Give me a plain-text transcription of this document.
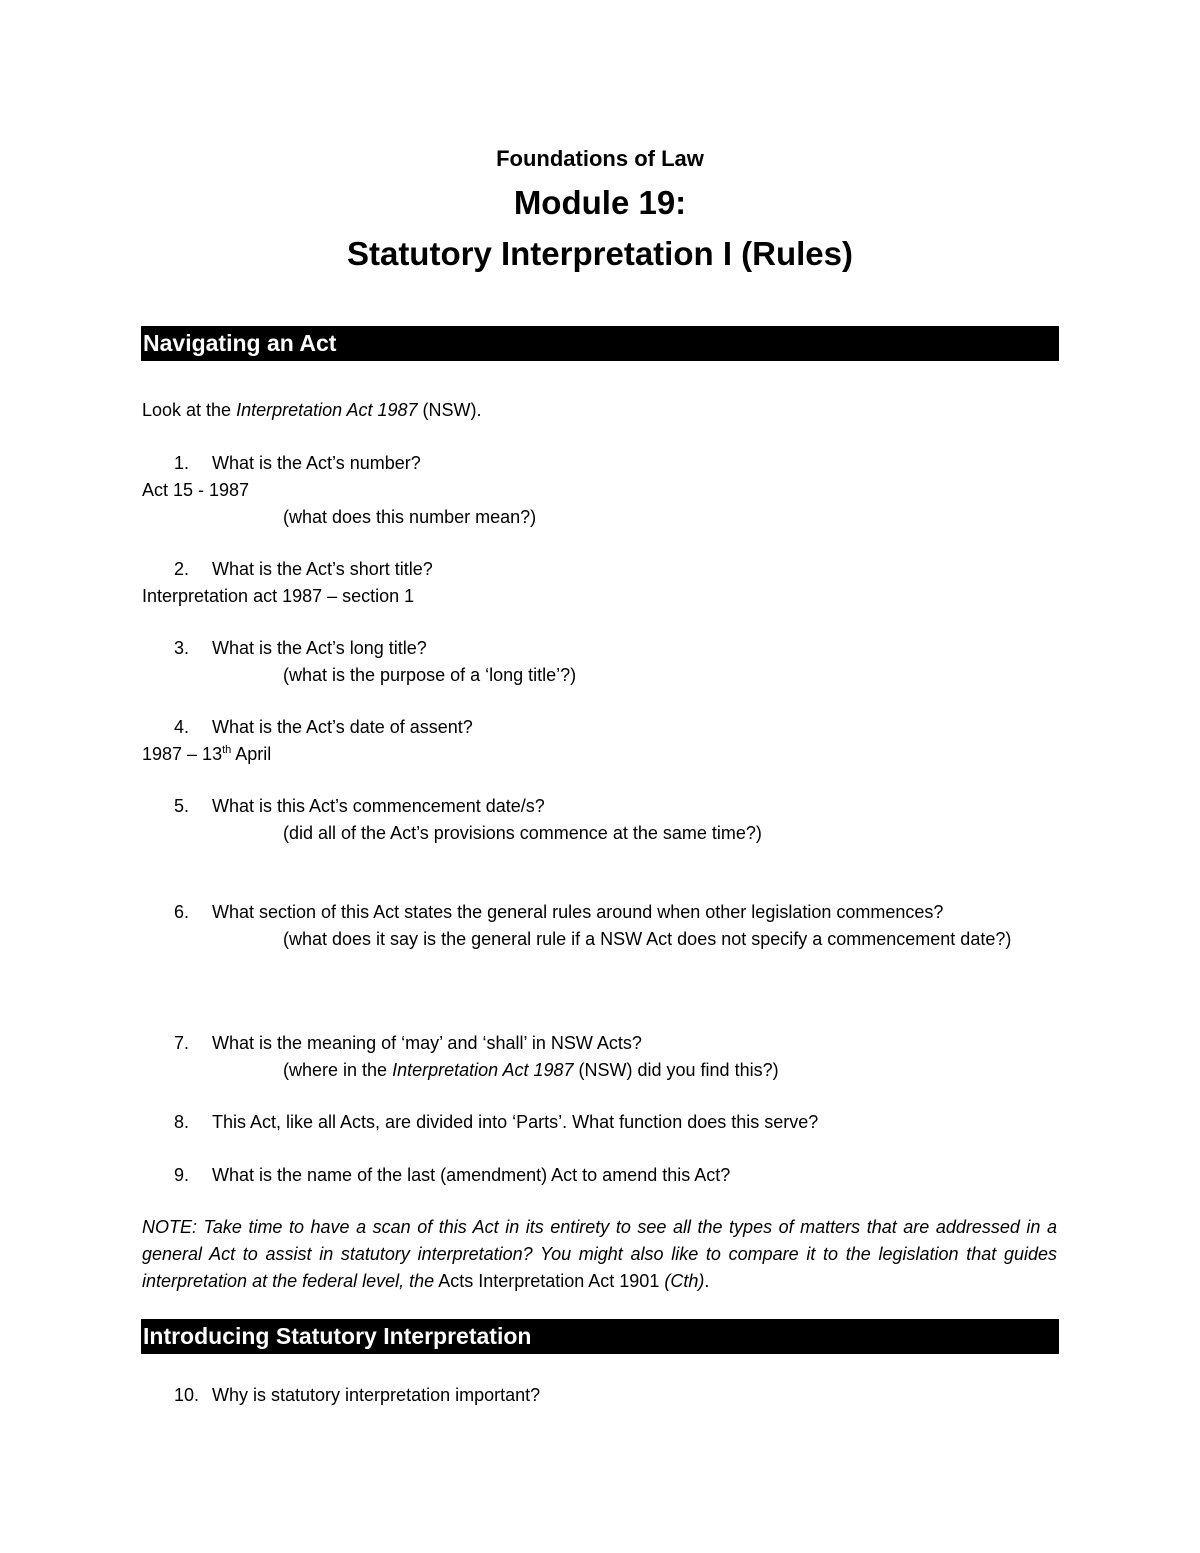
Foundations of Law
Module 19:
Statutory Interpretation I (Rules)
Navigating an Act
Look at the Interpretation Act 1987 (NSW).
1. What is the Act’s number?
Act 15 - 1987
(what does this number mean?)
2. What is the Act’s short title?
Interpretation act 1987 – section 1
3. What is the Act’s long title?
(what is the purpose of a ‘long title’?)
4. What is the Act’s date of assent?
1987 – 13th April
5. What is this Act’s commencement date/s?
(did all of the Act’s provisions commence at the same time?)
6. What section of this Act states the general rules around when other legislation commences?
(what does it say is the general rule if a NSW Act does not specify a commencement date?)
7. What is the meaning of ‘may’ and ‘shall’ in NSW Acts?
(where in the Interpretation Act 1987 (NSW) did you find this?)
8. This Act, like all Acts, are divided into ‘Parts’. What function does this serve?
9. What is the name of the last (amendment) Act to amend this Act?
NOTE: Take time to have a scan of this Act in its entirety to see all the types of matters that are addressed in a general Act to assist in statutory interpretation? You might also like to compare it to the legislation that guides interpretation at the federal level, the Acts Interpretation Act 1901 (Cth).
Introducing Statutory Interpretation
10. Why is statutory interpretation important?
